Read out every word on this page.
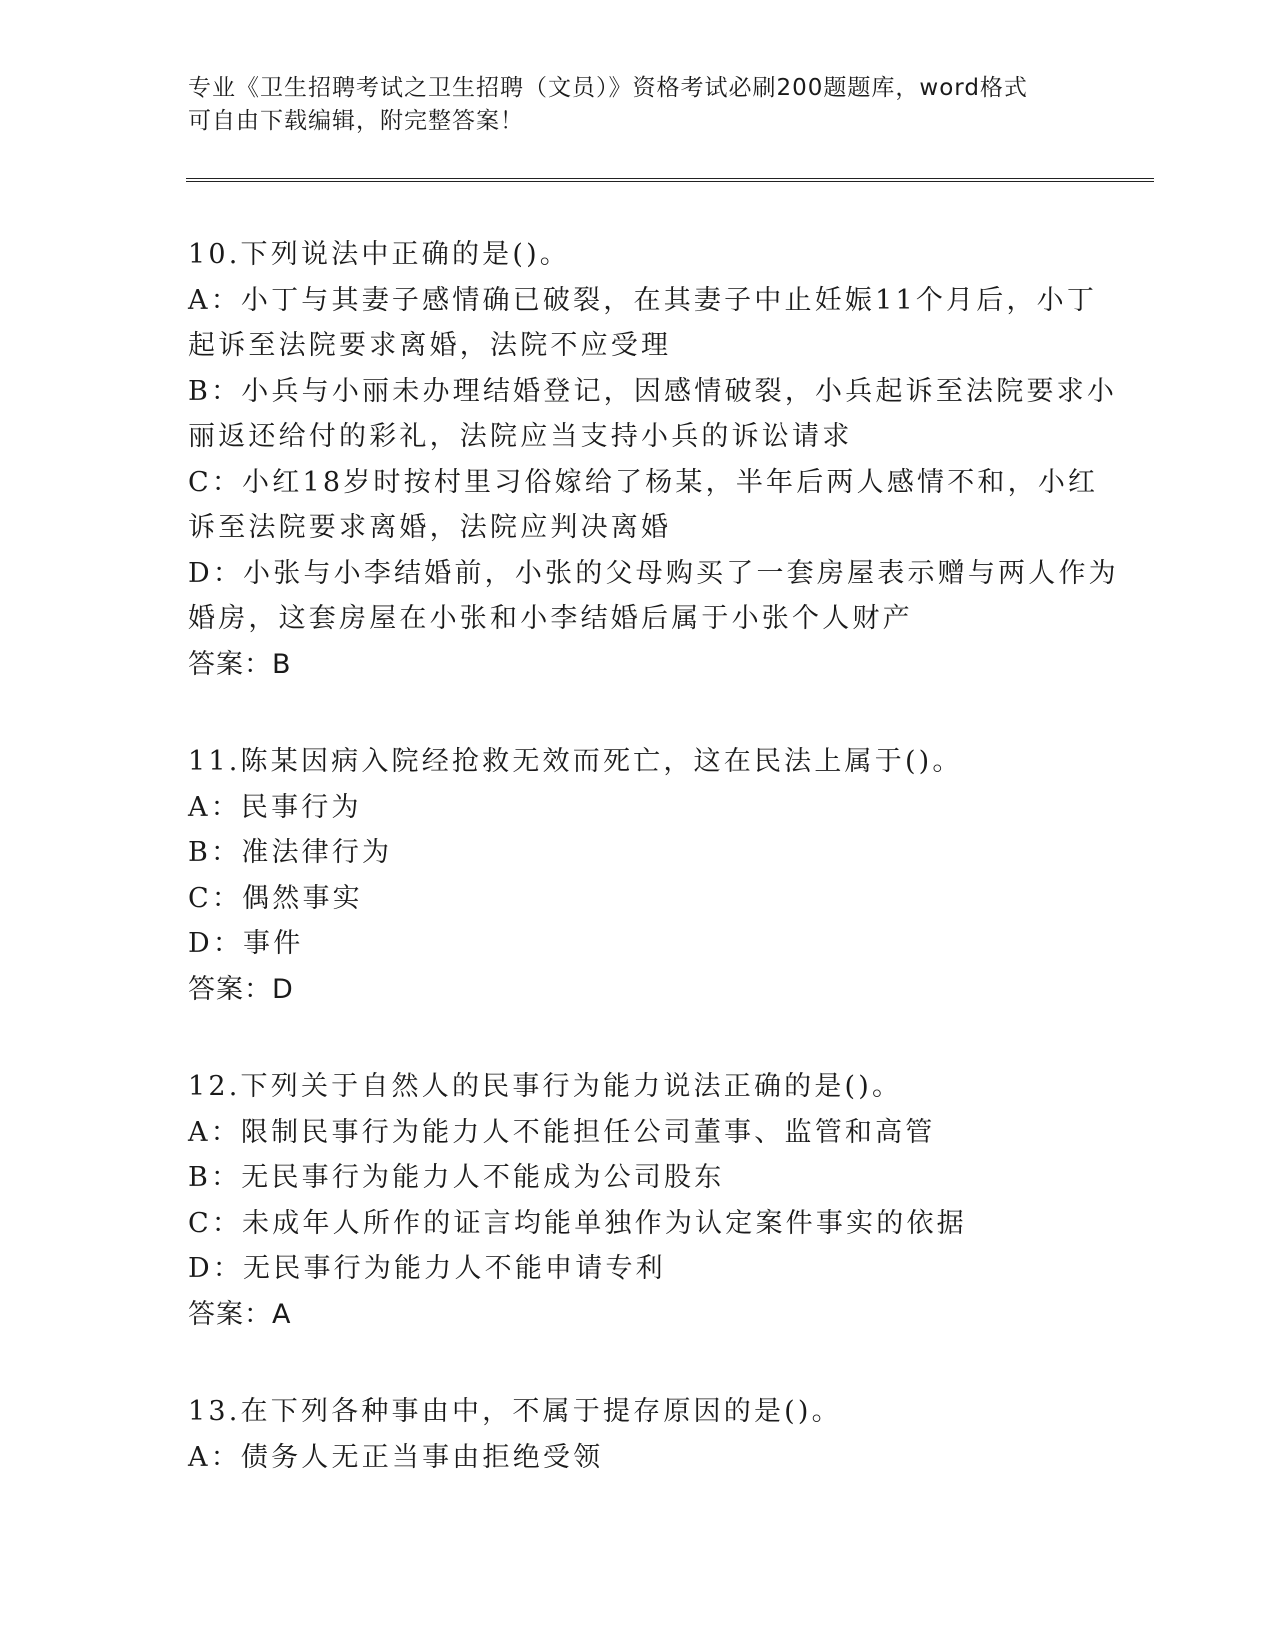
专业《卫生招聘考试之卫生招聘（文员）》资格考试必刷200题题库，word格式
可自由下载编辑，附完整答案！
10.下列说法中正确的是()。
A：小丁与其妻子感情确已破裂，在其妻子中止妊娠11个月后，小丁
起诉至法院要求离婚，法院不应受理
B：小兵与小丽未办理结婚登记，因感情破裂，小兵起诉至法院要求小
丽返还给付的彩礼，法院应当支持小兵的诉讼请求
C：小红18岁时按村里习俗嫁给了杨某，半年后两人感情不和，小红
诉至法院要求离婚，法院应判决离婚
D：小张与小李结婚前，小张的父母购买了一套房屋表示赠与两人作为
婚房，这套房屋在小张和小李结婚后属于小张个人财产
答案：B
11.陈某因病入院经抢救无效而死亡，这在民法上属于()。
A：民事行为
B：准法律行为
C：偶然事实
D：事件
答案：D
12.下列关于自然人的民事行为能力说法正确的是()。
A：限制民事行为能力人不能担任公司董事、监管和高管
B：无民事行为能力人不能成为公司股东
C：未成年人所作的证言均能单独作为认定案件事实的依据
D：无民事行为能力人不能申请专利
答案：A
13.在下列各种事由中，不属于提存原因的是()。
A：债务人无正当事由拒绝受领
